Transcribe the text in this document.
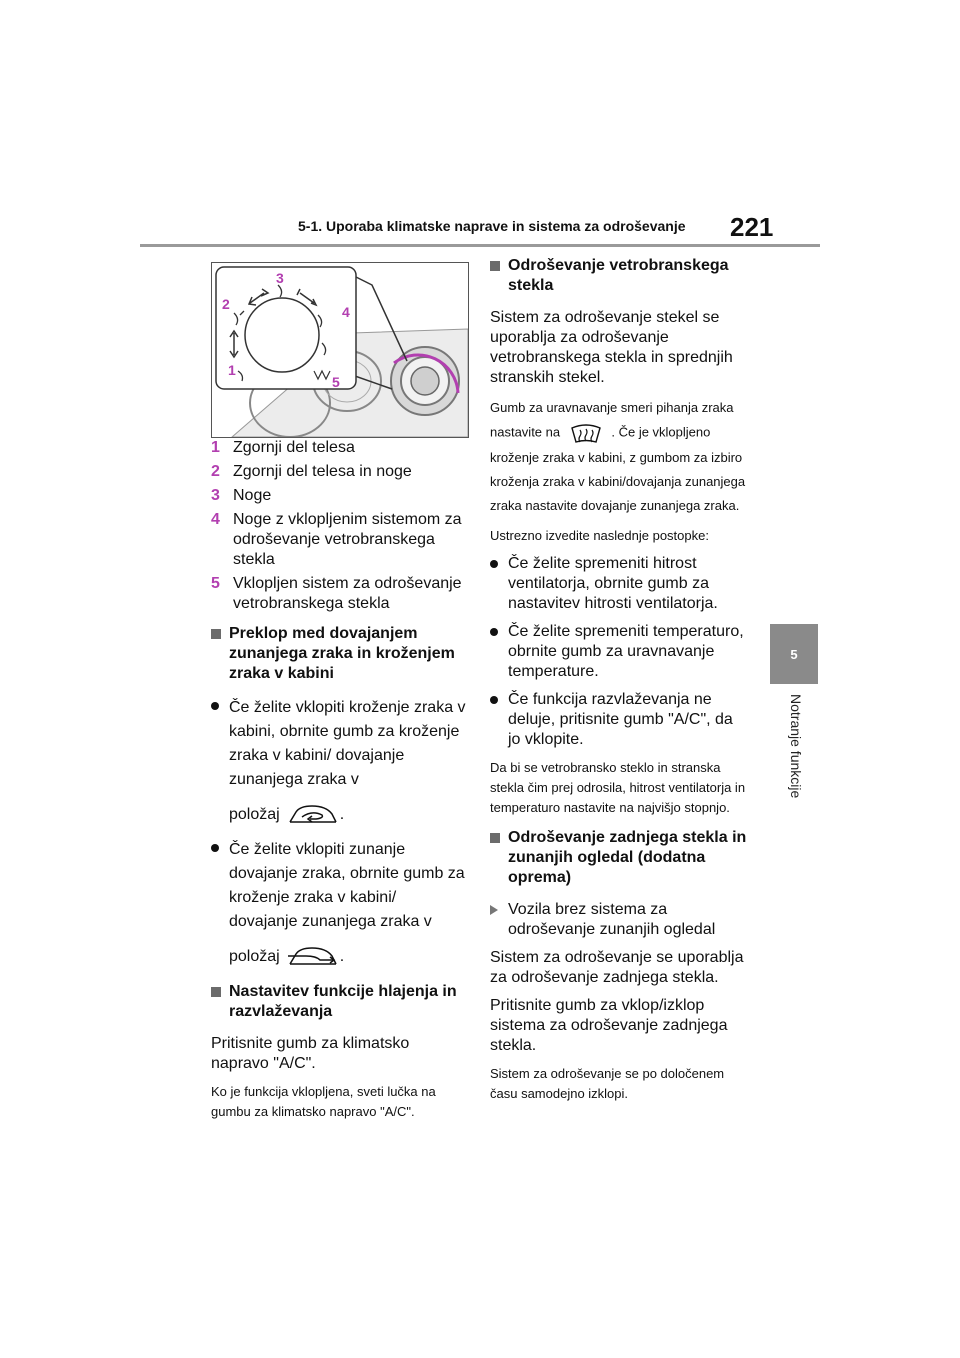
5-1. Uporaba klimatske naprave in sistema za odroševanje	221
5
Notranje funkcije
2
3
4
1
5
1 Zgornji del telesa
2 Zgornji del telesa in noge
3 Noge
4 Noge z vklopljenim sistemom za odroševanje vetrobranskega stekla
5 Vklopljen sistem za odroševanje vetrobranskega stekla
Preklop med dovajanjem zunanjega zraka in kroženjem zraka v kabini
Če želite vklopiti kroženje zraka v kabini, obrnite gumb za kroženje zraka v kabini/ dovajanje zunanjega zraka v
položaj	.
Če želite vklopiti zunanje dovajanje zraka, obrnite gumb za kroženje zraka v kabini/ dovajanje zunanjega zraka v
položaj	.
Nastavitev funkcije hlajenja in razvlaževanja

Pritisnite gumb za klimatsko napravo "A/C".

Ko je funkcija vklopljena, sveti lučka na gumbu za klimatsko napravo "A/C".

Odroševanje vetrobranskega stekla

Sistem za odroševanje stekel se uporablja za odroševanje vetrobranskega stekla in sprednjih stranskih stekel.

Gumb za uravnavanje smeri pihanja zraka nastavite na	. Če je vklopljeno kroženje zraka v kabini, z gumbom za izbiro kroženja zraka v kabini/dovajanja zunanjega zraka nastavite dovajanje zunanjega zraka.

Ustrezno izvedite naslednje postopke:

Če želite spremeniti hitrost ventilatorja, obrnite gumb za nastavitev hitrosti ventilatorja.
Če želite spremeniti temperaturo, obrnite gumb za uravnavanje temperature.
Če funkcija razvlaževanja ne deluje, pritisnite gumb "A/C", da jo vklopite.

Da bi se vetrobransko steklo in stranska stekla čim prej odrosila, hitrost ventilatorja in temperaturo nastavite na najvišjo stopnjo.

Odroševanje zadnjega stekla in zunanjih ogledal (dodatna oprema)
Vozila brez sistema za odroševanje zunanjih ogledal

Sistem za odroševanje se uporablja za odroševanje zadnjega stekla.

Pritisnite gumb za vklop/izklop sistema za odroševanje zadnjega stekla.

Sistem za odroševanje se po določenem času samodejno izklopi.
